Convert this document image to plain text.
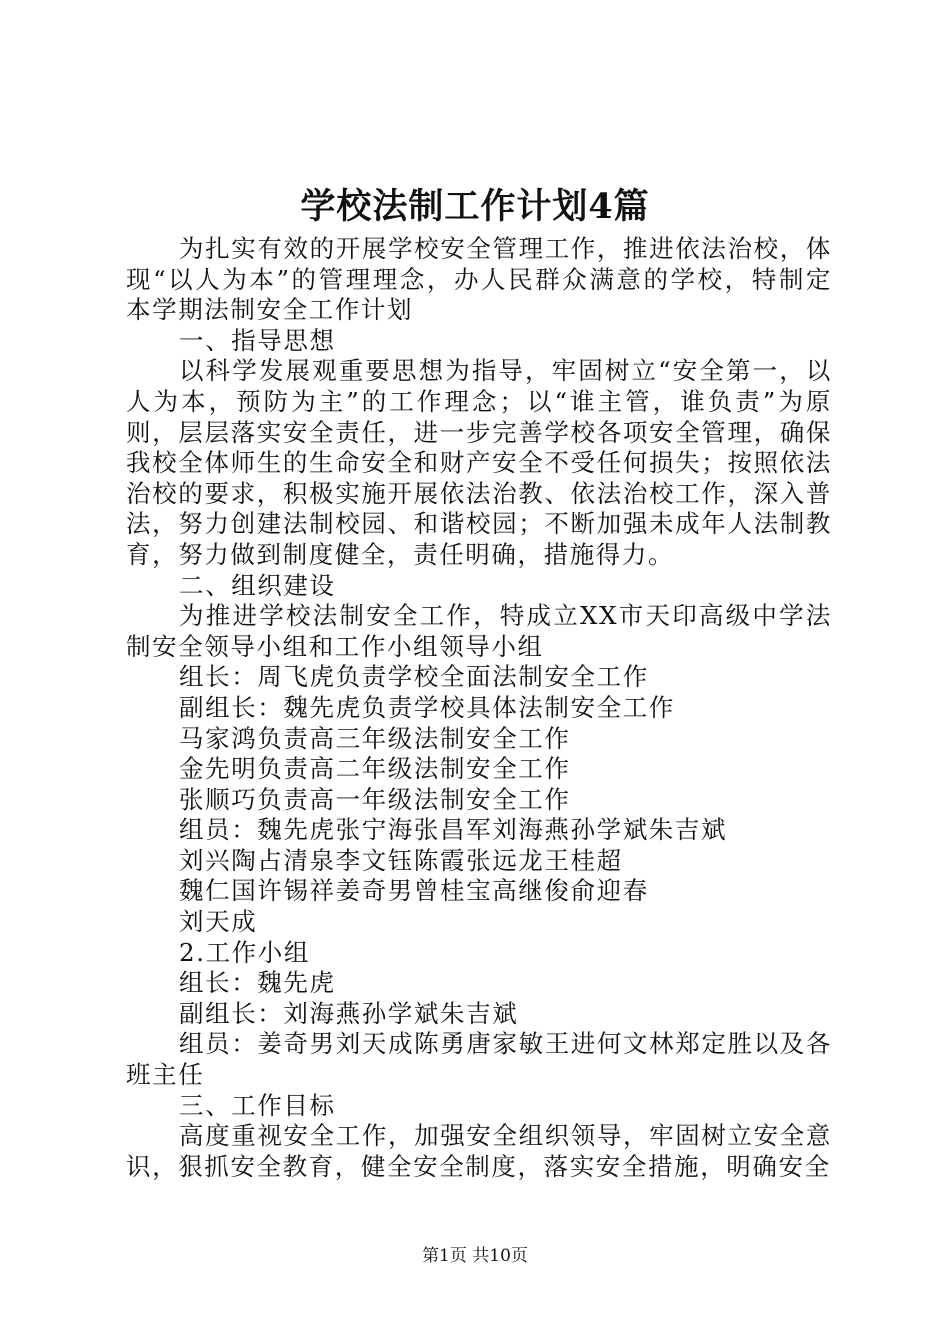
学校法制工作计划4篇

为扎实有效的开展学校安全管理工作，推进依法治校，体现“以人为本”的管理理念，办人民群众满意的学校，特制定本学期法制安全工作计划

一、指导思想

以科学发展观重要思想为指导，牢固树立“安全第一，以人为本，预防为主”的工作理念；以“谁主管，谁负责”为原则，层层落实安全责任，进一步完善学校各项安全管理，确保我校全体师生的生命安全和财产安全不受任何损失；按照依法治校的要求，积极实施开展依法治教、依法治校工作，深入普法，努力创建法制校园、和谐校园；不断加强未成年人法制教育，努力做到制度健全，责任明确，措施得力。

二、组织建设

为推进学校法制安全工作，特成立XX市天印高级中学法制安全领导小组和工作小组领导小组

组长：周飞虎负责学校全面法制安全工作

副组长：魏先虎负责学校具体法制安全工作

马家鸿负责高三年级法制安全工作

金先明负责高二年级法制安全工作

张顺巧负责高一年级法制安全工作

组员：魏先虎张宁海张昌军刘海燕孙学斌朱吉斌

刘兴陶占清泉李文钰陈霞张远龙王桂超

魏仁国许锡祥姜奇男曾桂宝高继俊俞迎春

刘天成

2.工作小组

组长：魏先虎

副组长：刘海燕孙学斌朱吉斌

组员：姜奇男刘天成陈勇唐家敏王进何文林郑定胜以及各班主任

三、工作目标

高度重视安全工作，加强安全组织领导，牢固树立安全意识，狠抓安全教育，健全安全制度，落实安全措施，明确安全

第1页 共10页
